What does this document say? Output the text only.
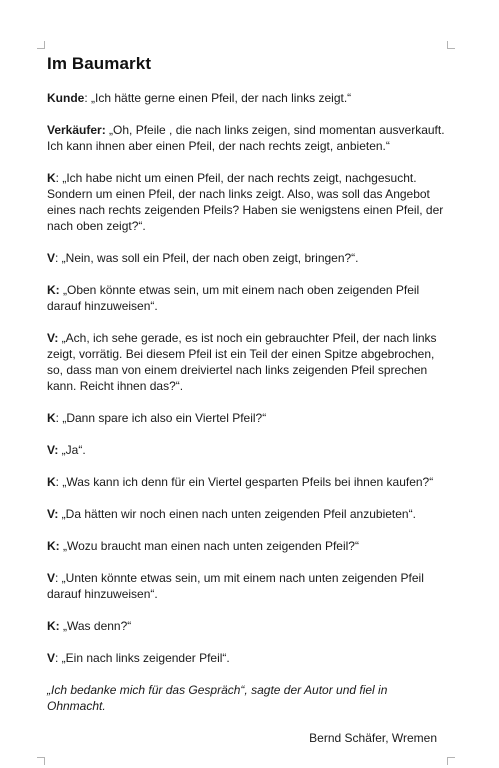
Im Baumarkt

Kunde: „Ich hätte gerne einen Pfeil, der nach links zeigt.“

Verkäufer: „Oh, Pfeile , die nach links zeigen, sind momentan ausverkauft. Ich kann ihnen aber einen Pfeil, der nach rechts zeigt, anbieten.“

K: „Ich habe nicht um einen Pfeil, der nach rechts zeigt, nachgesucht. Sondern um einen Pfeil, der nach links zeigt. Also, was soll das Angebot eines nach rechts zeigenden Pfeils? Haben sie wenigstens einen Pfeil, der nach oben zeigt?“.

V: „Nein, was soll ein Pfeil, der nach oben zeigt, bringen?“.

K: „Oben könnte etwas sein, um mit einem nach oben zeigenden Pfeil darauf hinzuweisen“.

V: „Ach, ich sehe gerade, es ist noch ein gebrauchter Pfeil, der nach links zeigt, vorrätig. Bei diesem Pfeil ist ein Teil der einen Spitze abgebrochen, so, dass man von einem dreiviertel nach links zeigenden Pfeil sprechen kann. Reicht ihnen das?“.

K: „Dann spare ich also ein Viertel Pfeil?“

V: „Ja“.

K: „Was kann ich denn für ein Viertel gesparten Pfeils bei ihnen kaufen?“

V: „Da hätten wir noch einen nach unten zeigenden Pfeil anzubieten“.

K: „Wozu braucht man einen nach unten zeigenden Pfeil?“

V: „Unten könnte etwas sein, um mit einem nach unten zeigenden Pfeil darauf hinzuweisen“.

K: „Was denn?“

V: „Ein nach links zeigender Pfeil“.

„Ich bedanke mich für das Gespräch“, sagte der Autor und fiel in Ohnmacht.

Bernd Schäfer, Wremen
